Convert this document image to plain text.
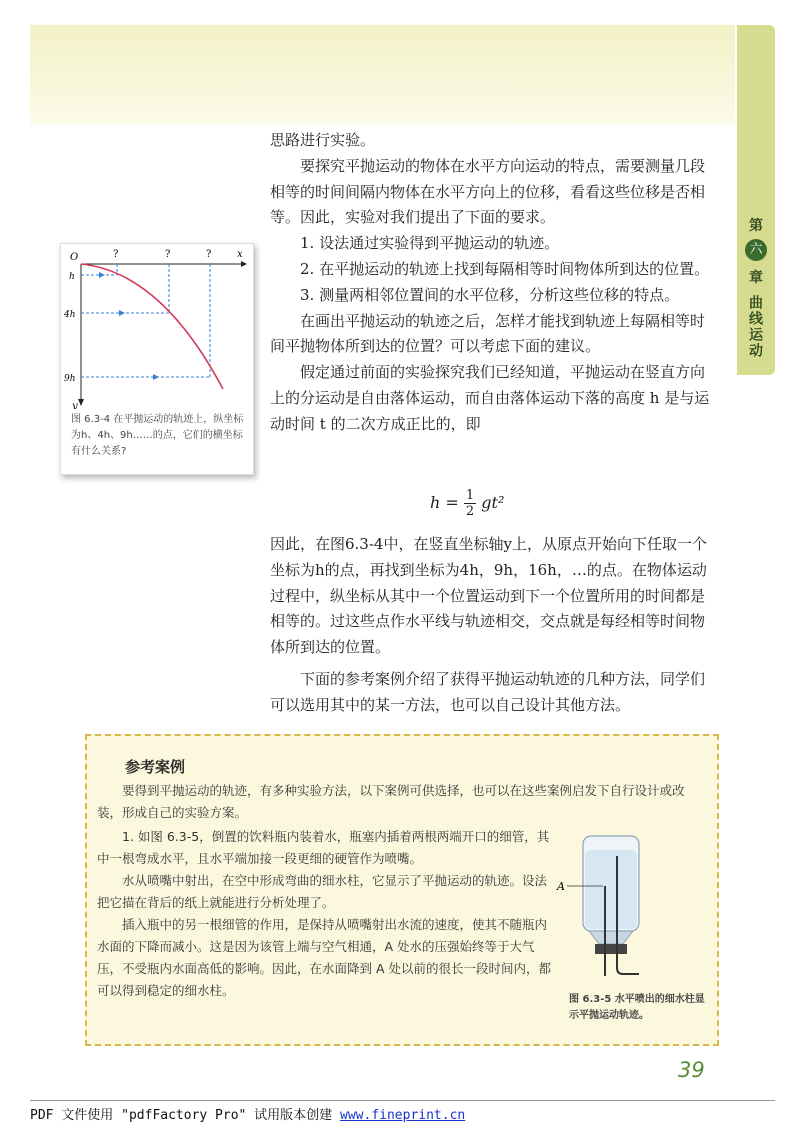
第
六
章
曲线运动

思路进行实验。

要探究平抛运动的物体在水平方向运动的特点，需要测量几段相等的时间间隔内物体在水平方向上的位移，看看这些位移是否相等。因此，实验对我们提出了下面的要求。

1. 设法通过实验得到平抛运动的轨迹。

2. 在平抛运动的轨迹上找到每隔相等时间物体所到达的位置。

3. 测量两相邻位置间的水平位移，分析这些位移的特点。

在画出平抛运动的轨迹之后，怎样才能找到轨迹上每隔相等时间平抛物体所到达的位置？可以考虑下面的建议。

假定通过前面的实验探究我们已经知道，平抛运动在竖直方向上的分运动是自由落体运动，而自由落体运动下落的高度 h 是与运动时间 t 的二次方成正比的，即

$h = \frac{1}{2} gt^2$

因此，在图6.3-4中，在竖直坐标轴y上，从原点开始向下任取一个坐标为h的点，再找到坐标为4h，9h，16h，…的点。在物体运动过程中，纵坐标从其中一个位置运动到下一个位置所用的时间都是相等的。过这些点作水平线与轨迹相交，交点就是每经相等时间物体所到达的位置。

下面的参考案例介绍了获得平抛运动轨迹的几种方法，同学们可以选用其中的某一方法，也可以自己设计其他方法。

O	?	?	?	x
y
h
4h
9h
图 6.3-4 在平抛运动的轨迹上，纵坐标为h、4h、9h……的点，它们的横坐标有什么关系?
参考案例

要得到平抛运动的轨迹，有多种实验方法，以下案例可供选择，也可以在这些案例启发下自行设计或改装，形成自己的实验方案。

1. 如图 6.3-5，倒置的饮料瓶内装着水，瓶塞内插着两根两端开口的细管，其中一根弯成水平，且水平端加接一段更细的硬管作为喷嘴。

水从喷嘴中射出，在空中形成弯曲的细水柱，它显示了平抛运动的轨迹。设法把它描在背后的纸上就能进行分析处理了。

插入瓶中的另一根细管的作用，是保持从喷嘴射出水流的速度，使其不随瓶内水面的下降而减小。这是因为该管上端与空气相通，A 处水的压强始终等于大气压，不受瓶内水面高低的影响。因此，在水面降到 A 处以前的很长一段时间内，都可以得到稳定的细水柱。

A
图 6.3-5 水平喷出的细水柱显示平抛运动轨迹。
39
PDF 文件使用 "pdfFactory Pro" 试用版本创建 www.fineprint.cn
